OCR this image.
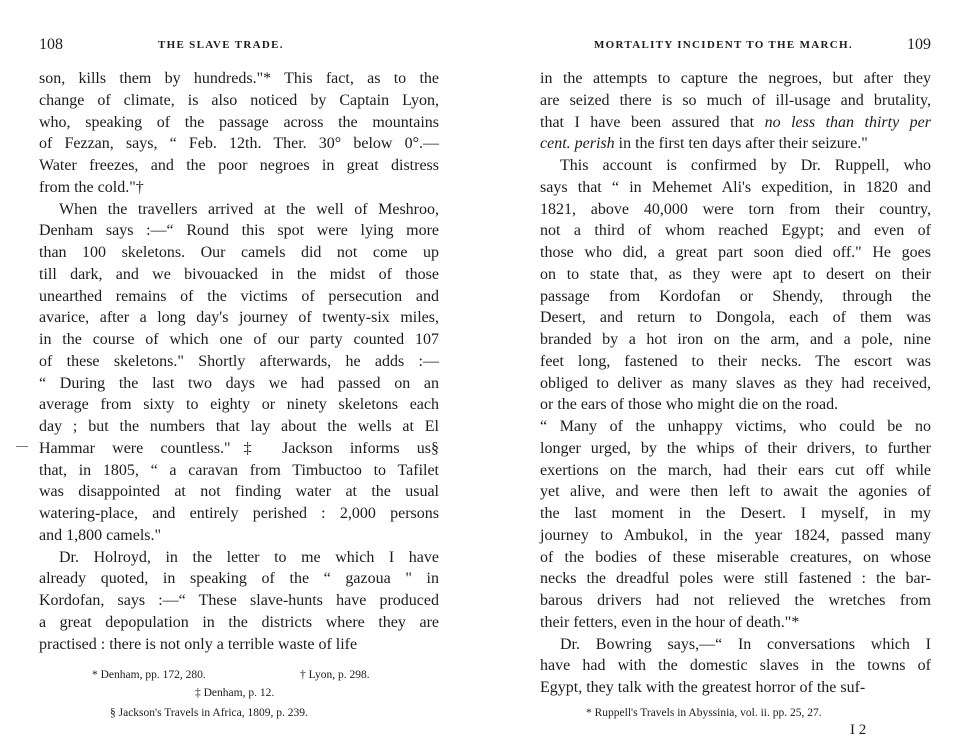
108	THE SLAVE TRADE.
son, kills them by hundreds."* This fact, as to the
change of climate, is also noticed by Captain Lyon,
who, speaking of the passage across the mountains
of Fezzan, says, “ Feb. 12th. Ther. 30° below 0°.—
Water freezes, and the poor negroes in great distress
from the cold."†
When the travellers arrived at the well of Meshroo,
Denham says :—“ Round this spot were lying more
than 100 skeletons. Our camels did not come up
till dark, and we bivouacked in the midst of those
unearthed remains of the victims of persecution and
avarice, after a long day's journey of twenty-six miles,
in the course of which one of our party counted 107
of these skeletons." Shortly afterwards, he adds :—
“ During the last two days we had passed on an
average from sixty to eighty or ninety skeletons each
day ; but the numbers that lay about the wells at El
Hammar were countless."‡ Jackson informs us§
that, in 1805, “ a caravan from Timbuctoo to Tafilet
was disappointed at not finding water at the usual
watering-place, and entirely perished : 2,000 persons
and 1,800 camels."
Dr. Holroyd, in the letter to me which I have
already quoted, in speaking of the “ gazoua " in
Kordofan, says :—“ These slave-hunts have produced
a great depopulation in the districts where they are
practised : there is not only a terrible waste of life
* Denham, pp. 172, 280.	† Lyon, p. 298.
‡ Denham, p. 12.
§ Jackson's Travels in Africa, 1809, p. 239.
MORTALITY INCIDENT TO THE MARCH.	109
in the attempts to capture the negroes, but after they
are seized there is so much of ill-usage and brutality,
that I have been assured that no less than thirty per
cent. perish in the first ten days after their seizure."
This account is confirmed by Dr. Ruppell, who
says that “ in Mehemet Ali's expedition, in 1820 and
1821, above 40,000 were torn from their country,
not a third of whom reached Egypt; and even of
those who did, a great part soon died off." He goes
on to state that, as they were apt to desert on their
passage from Kordofan or Shendy, through the
Desert, and return to Dongola, each of them was
branded by a hot iron on the arm, and a pole, nine
feet long, fastened to their necks. The escort was
obliged to deliver as many slaves as they had received,
or the ears of those who might die on the road.
“ Many of the unhappy victims, who could be no
longer urged, by the whips of their drivers, to further
exertions on the march, had their ears cut off while
yet alive, and were then left to await the agonies of
the last moment in the Desert. I myself, in my
journey to Ambukol, in the year 1824, passed many
of the bodies of these miserable creatures, on whose
necks the dreadful poles were still fastened : the bar-
barous drivers had not relieved the wretches from
their fetters, even in the hour of death."*
Dr. Bowring says,—“ In conversations which I
have had with the domestic slaves in the towns of
Egypt, they talk with the greatest horror of the suf-
* Ruppell's Travels in Abyssinia, vol. ii. pp. 25, 27.
I 2
